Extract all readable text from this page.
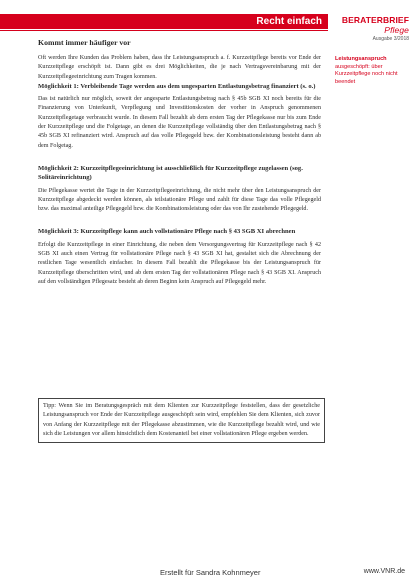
Recht einfach	BERATERBRIEF Pflege
Ausgabe 3/2018
Leistungsanspruch
ausgeschöpft: über Kurzzeitpflege noch nicht beendet
Kommt immer häufiger vor

Oft werden Ihre Kunden das Problem haben, dass ihr Leistungsanspruch a. f. Kurzzeitpflege bereits vor Ende der Kurzzeitpflege erschöpft ist. Dann gibt es drei Möglichkeiten, die je nach Vertragsvereinbarung mit der Kurzzeitpflegeeinrichtung zum Tragen kommen.

Möglichkeit 1: Verbleibende Tage werden aus dem ungesparten Entlastungsbetrag finanziert (s. o.)

Das ist natürlich nur möglich, soweit der angesparte Entlastungsbetrag nach § 45b SGB XI noch bereits für die Finanzierung von Unterkunft, Verpflegung und Investitionskosten der vorher in Anspruch genommenen Kurzzeitpflegetage verbraucht wurde. In diesem Fall bezahlt ab dem ersten Tag der Pflegekasse nur bis zum Ende der Kurzzeitpflege und die Folgetage, an denen die Kurzzeitpflege vollständig über den Entlastungsbetrag nach § 45b SGB XI refinanziert wird. Anspruch auf das volle Pflegegeld bzw. der Kombinationsleistung besteht dann ab dem Folgetag.

Möglichkeit 2: Kurzzeitpflegeeinrichtung ist ausschließlich für Kurzzeitpflege zugelassen (sog. Solitäreinrichtung)

Die Pflegekasse wertet die Tage in der Kurzzeitpflegeeinrichtung, die nicht mehr über den Leistungsanspruch der Kurzzeitpflege abgedeckt werden können, als teilstationäre Pflege und zahlt für diese Tage das volle Pflegegeld bzw. das maximal anteilige Pflegegeld bzw. die Kombinationsleistung oder das von Ihr zustehende Pflegegeld.

Möglichkeit 3: Kurzzeitpflege kann auch vollstationäre Pflege nach § 43 SGB XI abrechnen

Erfolgt die Kurzzeitpflege in einer Einrichtung, die neben dem Versorgungsvertrag für Kurzzeitpflege nach § 42 SGB XI auch einen Vertrag für vollstationäre Pflege nach § 43 SGB XI hat, gestaltet sich die Abrechnung der restlichen Tage wesentlich einfacher. In diesem Fall bezahlt die Pflegekasse bis der Leistungsanspruch für Kurzzeitpflege überschritten wird, und ab dem ersten Tag der vollstationären Pflege nach § 43 SGB XI. Anspruch auf den vollständigen Pflegesatz besteht ab deren Beginn kein Anspruch auf Pflegegeld mehr.

Tipp: Wenn Sie im Beratungsgespräch mit dem Klienten zur Kurzzeitpflege feststellen, dass der gesetzliche Leistungsanspruch vor Ende der Kurzzeitpflege ausgeschöpft sein wird, empfehlen Sie dem Klienten, sich zuvor von Anfang der Kurzzeitpflege mit der Pflegekasse abzustimmen, wie die Kurzzeitpflege bezahlt wird, und wie sich die Leistungen vor allem hinsichtlich dem Kostenanteil bei einer vollstationären Pflege ergeben werden.
Erstellt für Sandra Kohnmeyer	www.VNR.de
